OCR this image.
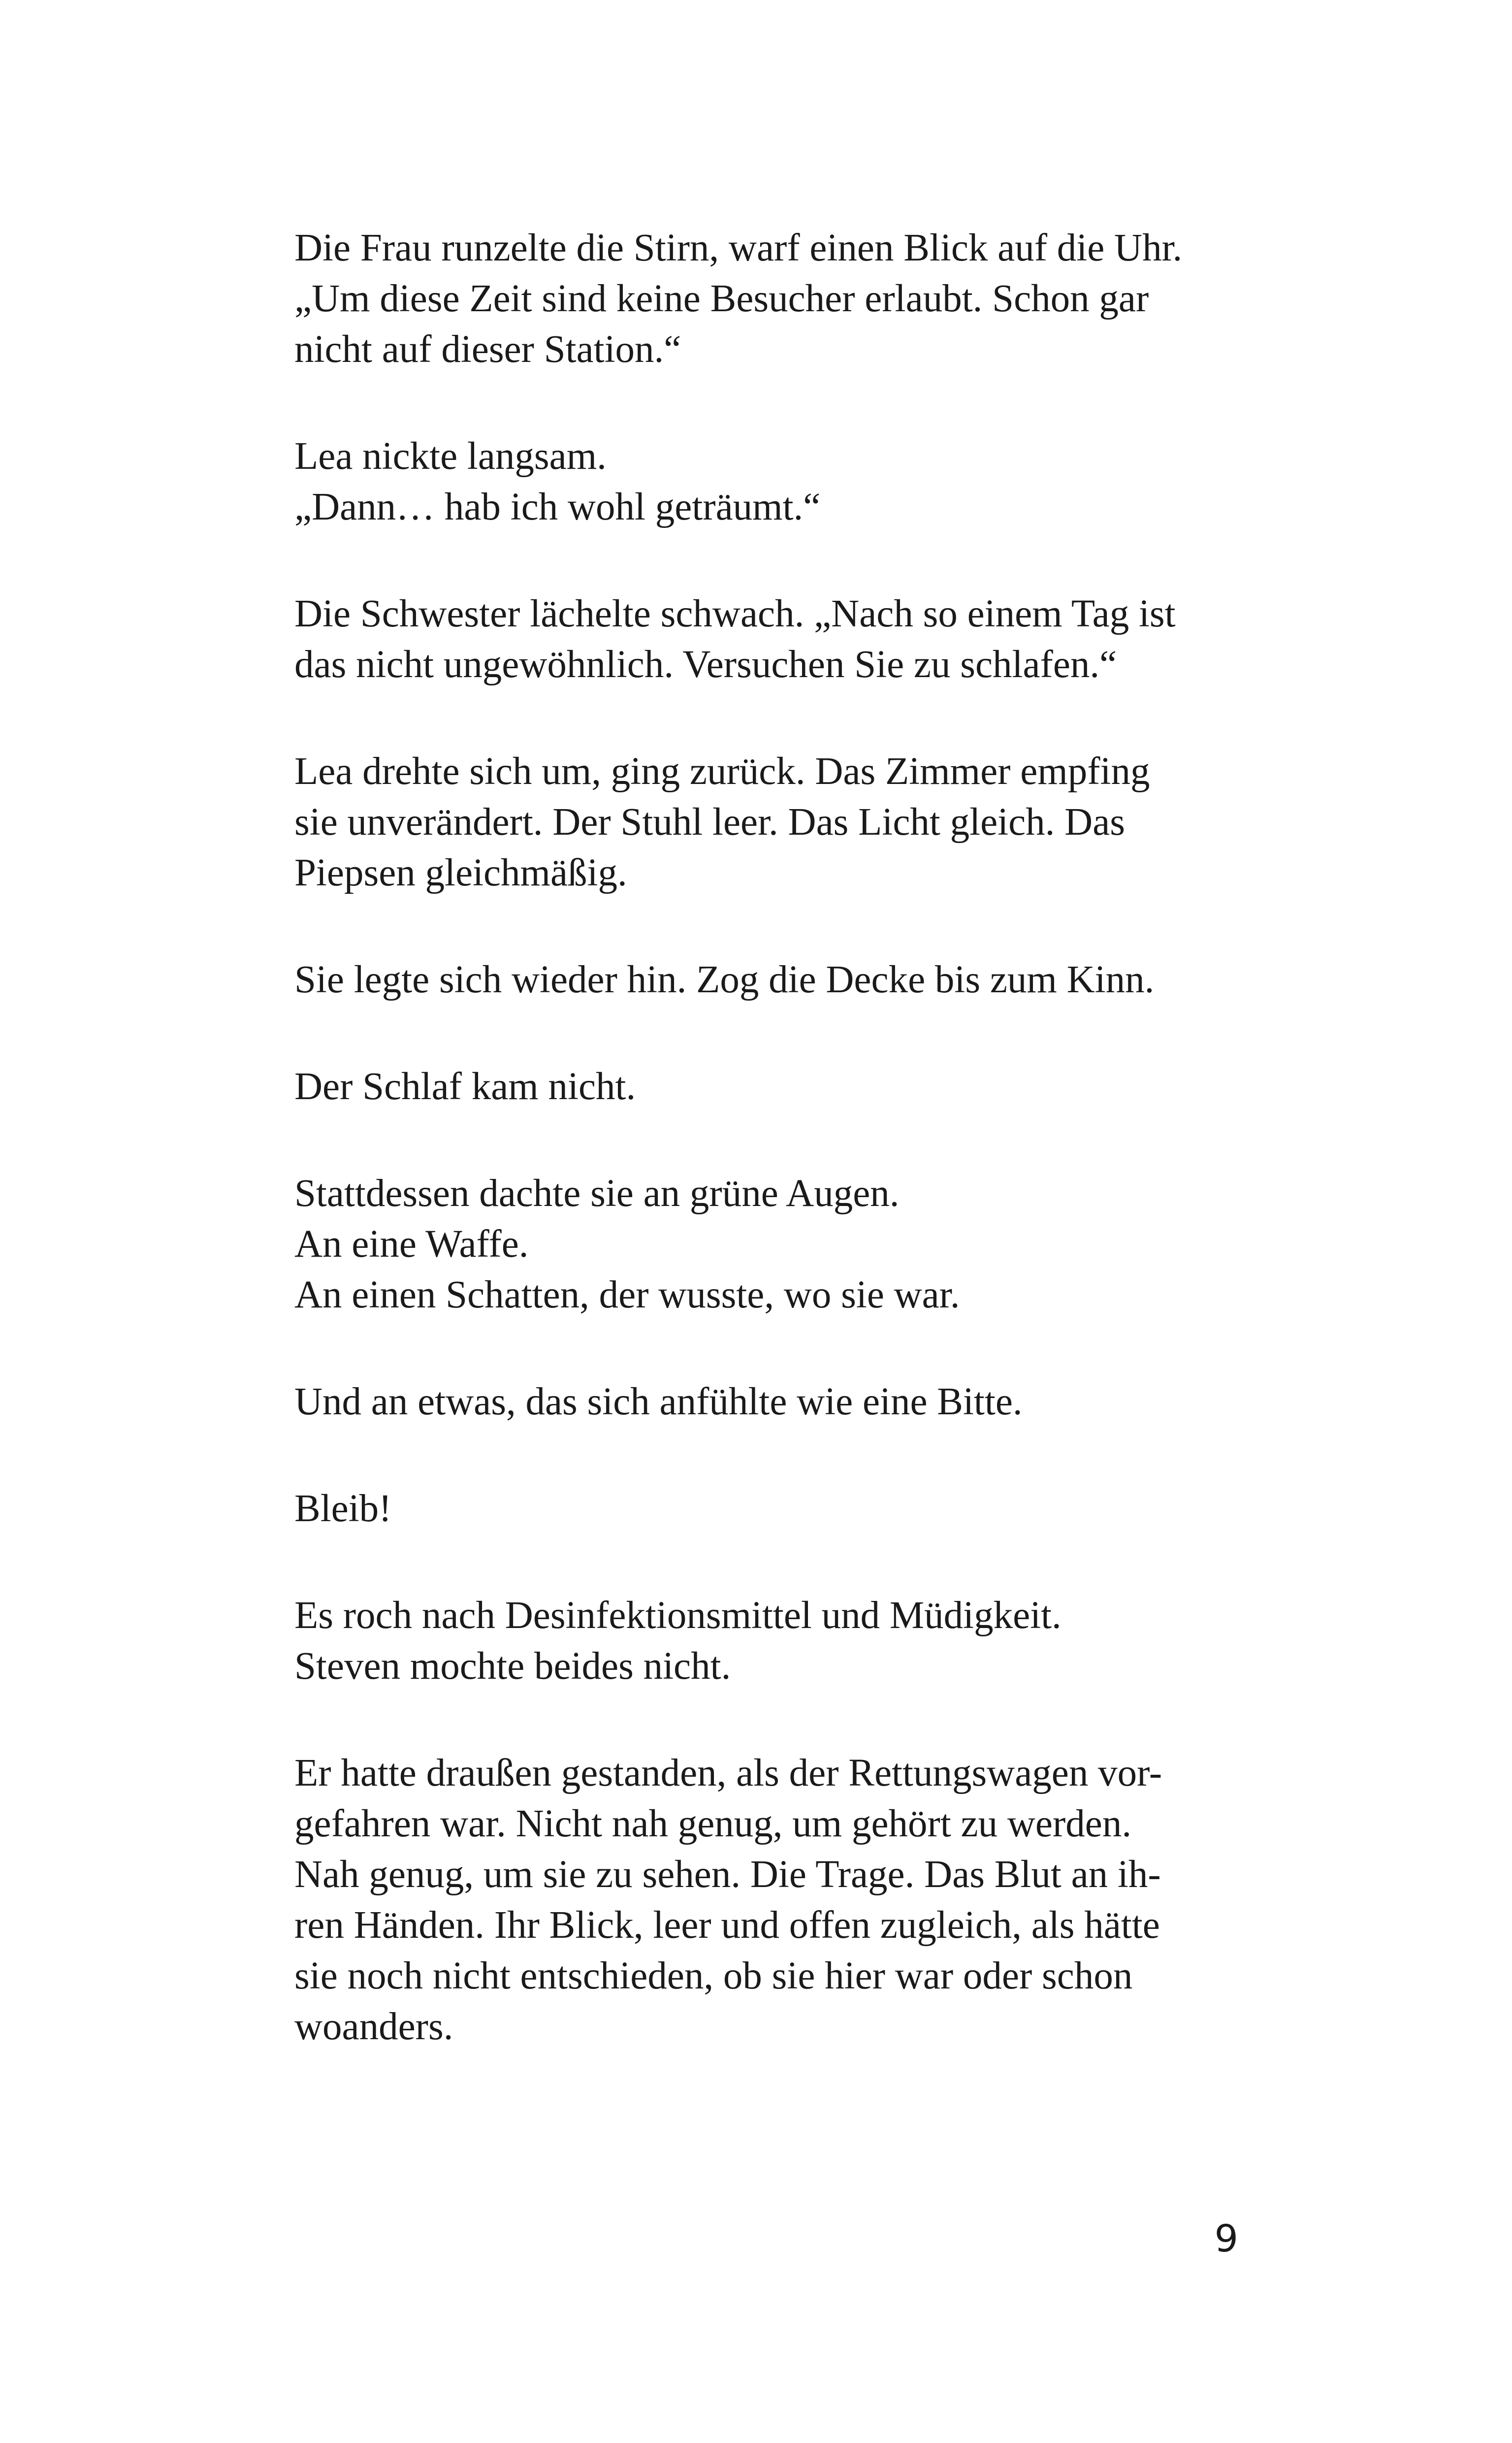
Die Frau runzelte die Stirn, warf einen Blick auf die Uhr.
„Um diese Zeit sind keine Besucher erlaubt. Schon gar
nicht auf dieser Station.“

Lea nickte langsam.
„Dann… hab ich wohl geträumt.“

Die Schwester lächelte schwach. „Nach so einem Tag ist
das nicht ungewöhnlich. Versuchen Sie zu schlafen.“

Lea drehte sich um, ging zurück. Das Zimmer empfing
sie unverändert. Der Stuhl leer. Das Licht gleich. Das
Piepsen gleichmäßig.

Sie legte sich wieder hin. Zog die Decke bis zum Kinn.

Der Schlaf kam nicht.

Stattdessen dachte sie an grüne Augen.
An eine Waffe.
An einen Schatten, der wusste, wo sie war.

Und an etwas, das sich anfühlte wie eine Bitte.

Bleib!

Es roch nach Desinfektionsmittel und Müdigkeit.
Steven mochte beides nicht.

Er hatte draußen gestanden, als der Rettungswagen vor-
gefahren war. Nicht nah genug, um gehört zu werden.
Nah genug, um sie zu sehen. Die Trage. Das Blut an ih-
ren Händen. Ihr Blick, leer und offen zugleich, als hätte
sie noch nicht entschieden, ob sie hier war oder schon
woanders.

9
